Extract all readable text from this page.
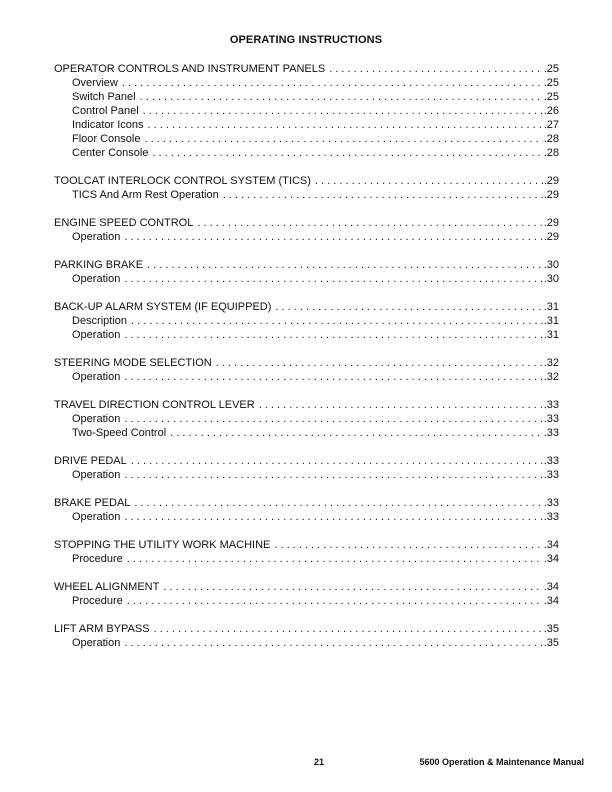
OPERATING INSTRUCTIONS
OPERATOR CONTROLS AND INSTRUMENT PANELS . . .	.25
Overview . . .	.25
Switch Panel . . .	.25
Control Panel . . .	.26
Indicator Icons . . .	.27
Floor Console . . .	.28
Center Console . . .	.28
TOOLCAT INTERLOCK CONTROL SYSTEM (TICS) . . .	.29
TICS And Arm Rest Operation . . .	.29
ENGINE SPEED CONTROL . . .	.29
Operation . . .	.29
PARKING BRAKE . . .	.30
Operation . . .	.30
BACK-UP ALARM SYSTEM (IF EQUIPPED) . . .	.31
Description . . .	.31
Operation . . .	.31
STEERING MODE SELECTION . . .	.32
Operation . . .	.32
TRAVEL DIRECTION CONTROL LEVER . . .	.33
Operation . . .	.33
Two-Speed Control . . .	.33
DRIVE PEDAL . . .	.33
Operation . . .	.33
BRAKE PEDAL . . .	.33
Operation . . .	.33
STOPPING THE UTILITY WORK MACHINE . . .	.34
Procedure . . .	.34
WHEEL ALIGNMENT . . .	.34
Procedure . . .	.34
LIFT ARM BYPASS . . .	.35
Operation . . .	.35
21	5600 Operation & Maintenance Manual
